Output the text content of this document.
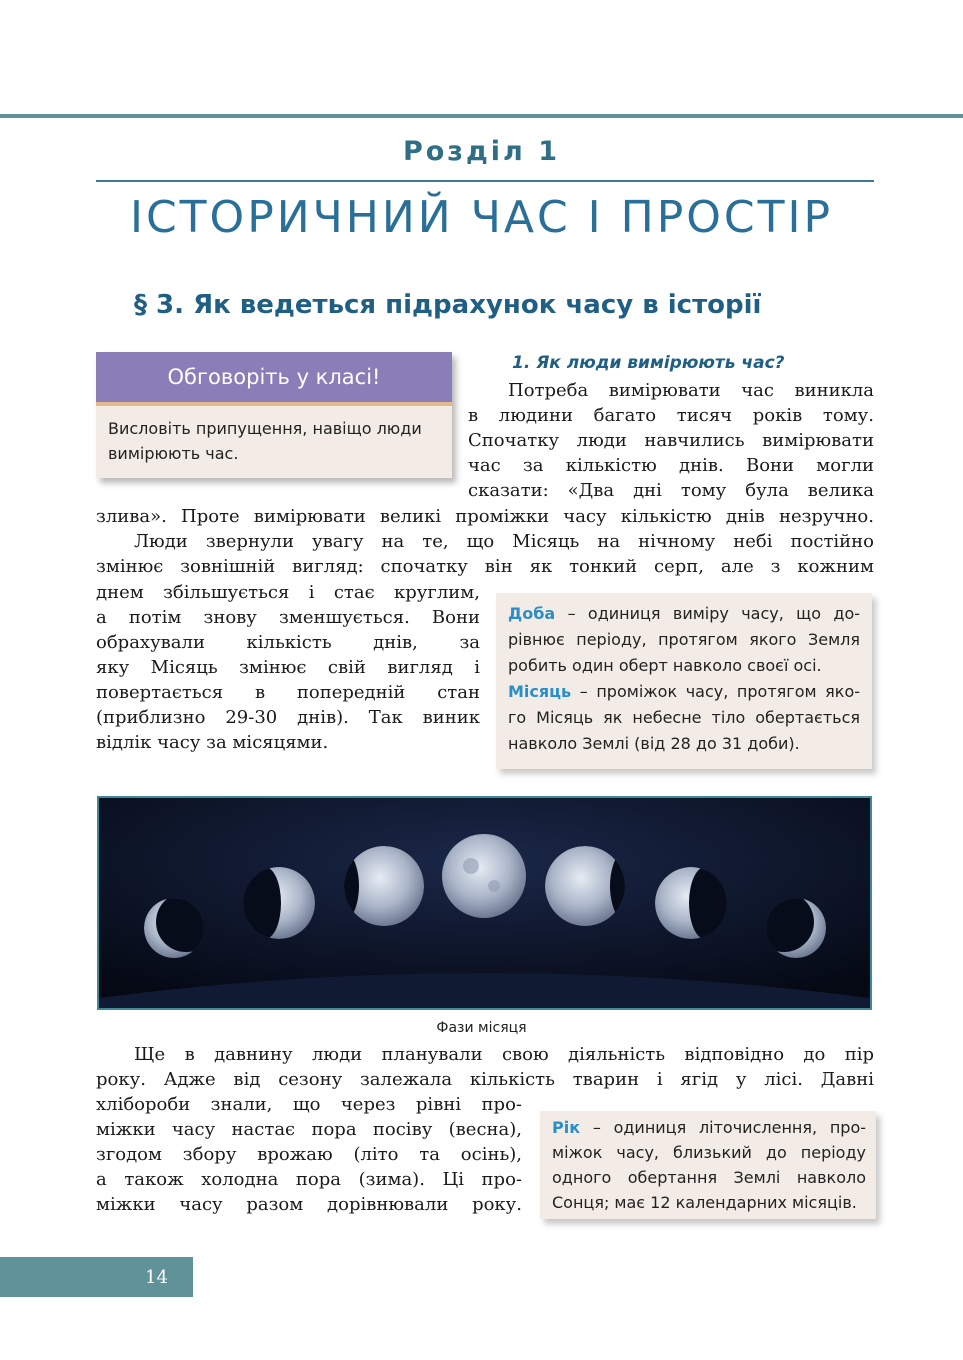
Розділ 1
ІСТОРИЧНИЙ ЧАС І ПРОСТІР
§ 3. Як ведеться підрахунок часу в історії
Обговоріть у класі!
Висловіть припущення, навіщо люди
вимірюють час.
1. Як люди вимірюють час?
Потреба вимірювати час виникла
в людини багато тисяч років тому.
Спочатку люди навчились вимірювати
час за кількістю днів. Вони могли
сказати: «Два дні тому була велика
злива». Проте вимірювати великі проміжки часу кількістю днів незручно.
Люди звернули увагу на те, що Місяць на нічному небі постійно
змінює зовнішній вигляд: спочатку він як тонкий серп, але з кожним
днем збільшується і стає круглим,
а потім знову зменшується. Вони
обрахували кількість днів, за
яку Місяць змінює свій вигляд і
повертається в попередній стан
(приблизно 29-30 днів). Так виник
відлік часу за місяцями.
Доба – одиниця виміру часу, що до-
рівнює періоду, протягом якого Земля
робить один оберт навколо своєї осі.
Місяць – проміжок часу, протягом яко-
го Місяць як небесне тіло обертається
навколо Землі (від 28 до 31 доби).
Фази місяця
Ще в давнину люди планували свою діяльність відповідно до пір
року. Адже від сезону залежала кількість тварин і ягід у лісі. Давні
хлібороби знали, що через рівні про-
міжки часу настає пора посіву (весна),
згодом збору врожаю (літо та осінь),
а також холодна пора (зима). Ці про-
міжки часу разом дорівнювали року.
Рік – одиниця літочислення, про-
міжок часу, близький до періоду
одного обертання Землі навколо
Сонця; має 12 календарних місяців.
14
